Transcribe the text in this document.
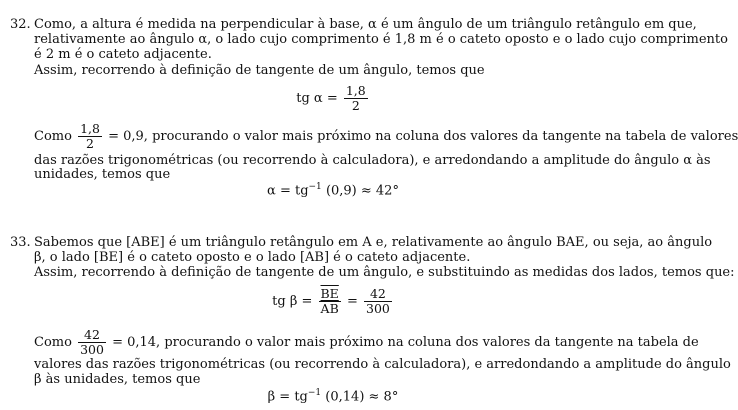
32. Como, a altura é medida na perpendicular à base, α é um ângulo de um triângulo retângulo em que,
relativamente ao ângulo α, o lado cujo comprimento é 1,8 m é o cateto oposto e o lado cujo comprimento
é 2 m é o cateto adjacente.
Assim, recorrendo à definição de tangente de um ângulo, temos que
tg $\alpha = \frac{1,8}{2}$
Como $\frac{1,8}{2} = 0,9$, procurando o valor mais próximo na coluna dos valores da tangente na tabela de valores
das razões trigonométricas (ou recorrendo à calculadora), e arredondando a amplitude do ângulo α às
unidades, temos que
$\alpha = tg^{-1}$ (0,9) ≈ 42°
33. Sabemos que [ABE] é um triângulo retângulo em A e, relativamente ao ângulo BAE, ou seja, ao ângulo
β, o lado [BE] é o cateto oposto e o lado [AB] é o cateto adjacente.
Assim, recorrendo à definição de tangente de um ângulo, e substituindo as medidas dos lados, temos que:
tg $\beta = \frac{\overline{BE}}{AB} = \frac{42}{300}$
Como $\frac{42}{300} = 0,14$, procurando o valor mais próximo na coluna dos valores da tangente na tabela de
valores das razões trigonométricas (ou recorrendo à calculadora), e arredondando a amplitude do ângulo
β às unidades, temos que
$\beta = tg^{-1}$ (0,14) ≈ 8°
